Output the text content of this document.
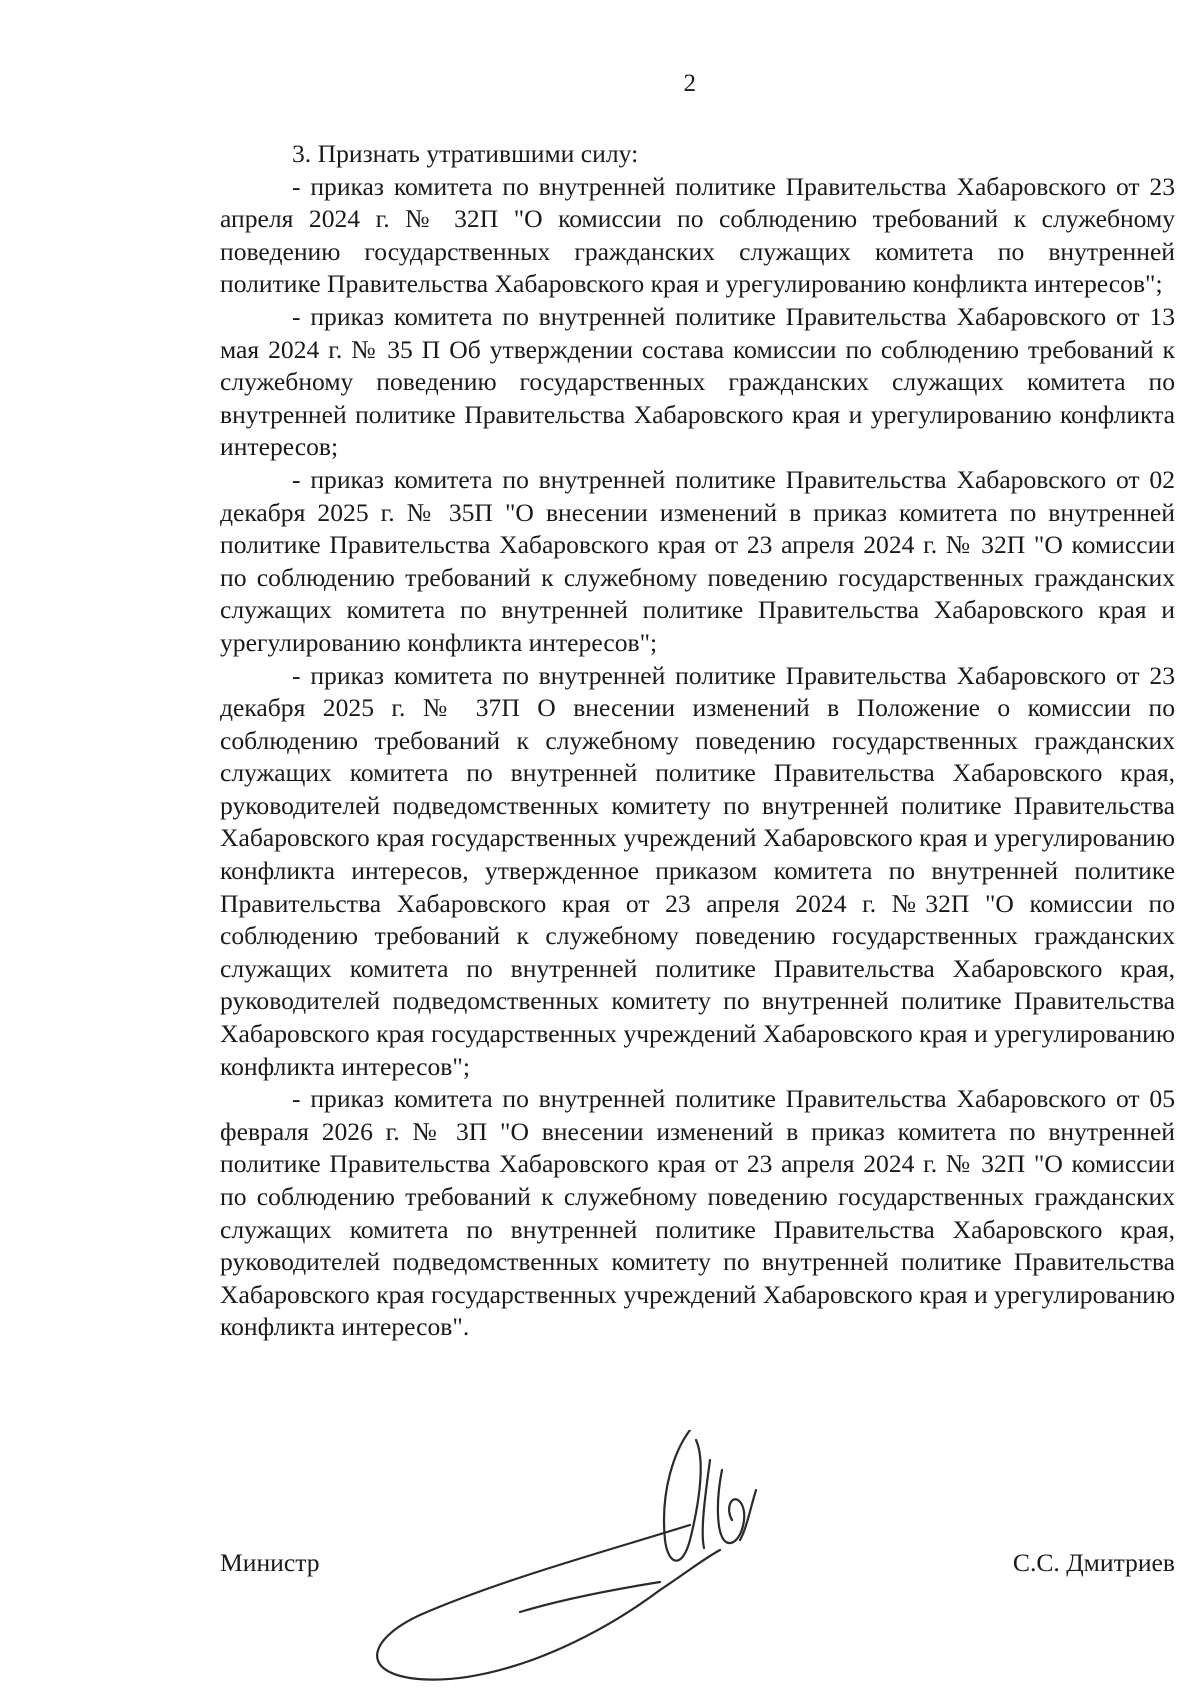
2

3. Признать утратившими силу:

- приказ комитета по внутренней политике Правительства Хабаровского от 23 апреля 2024 г. № 32П "О комиссии по соблюдению требований к служебному поведению государственных гражданских служащих комитета по внутренней политике Правительства Хабаровского края и урегулированию конфликта интересов";

- приказ комитета по внутренней политике Правительства Хабаровского от 13 мая 2024 г. № 35 П Об утверждении состава комиссии по соблюдению требований к служебному поведению государственных гражданских служащих комитета по внутренней политике Правительства Хабаровского края и урегулированию конфликта интересов;

- приказ комитета по внутренней политике Правительства Хабаровского от 02 декабря 2025 г. № 35П "О внесении изменений в приказ комитета по внутренней политике Правительства Хабаровского края от 23 апреля 2024 г. № 32П "О комиссии по соблюдению требований к служебному поведению государственных гражданских служащих комитета по внутренней политике Правительства Хабаровского края и урегулированию конфликта интересов";

- приказ комитета по внутренней политике Правительства Хабаровского от 23 декабря 2025 г. № 37П О внесении изменений в Положение о комиссии по соблюдению требований к служебному поведению государственных гражданских служащих комитета по внутренней политике Правительства Хабаровского края, руководителей подведомственных комитету по внутренней политике Правительства Хабаровского края государственных учреждений Хабаровского края и урегулированию конфликта интересов, утвержденное приказом комитета по внутренней политике Правительства Хабаровского края от 23 апреля 2024 г. №32П "О комиссии по соблюдению требований к служебному поведению государственных гражданских служащих комитета по внутренней политике Правительства Хабаровского края, руководителей подведомственных комитету по внутренней политике Правительства Хабаровского края государственных учреждений Хабаровского края и урегулированию конфликта интересов";

- приказ комитета по внутренней политике Правительства Хабаровского от 05 февраля 2026 г. № 3П "О внесении изменений в приказ комитета по внутренней политике Правительства Хабаровского края от 23 апреля 2024 г. № 32П "О комиссии по соблюдению требований к служебному поведению государственных гражданских служащих комитета по внутренней политике Правительства Хабаровского края, руководителей подведомственных комитету по внутренней политике Правительства Хабаровского края государственных учреждений Хабаровского края и урегулированию конфликта интересов".

Министр	С.С. Дмитриев
